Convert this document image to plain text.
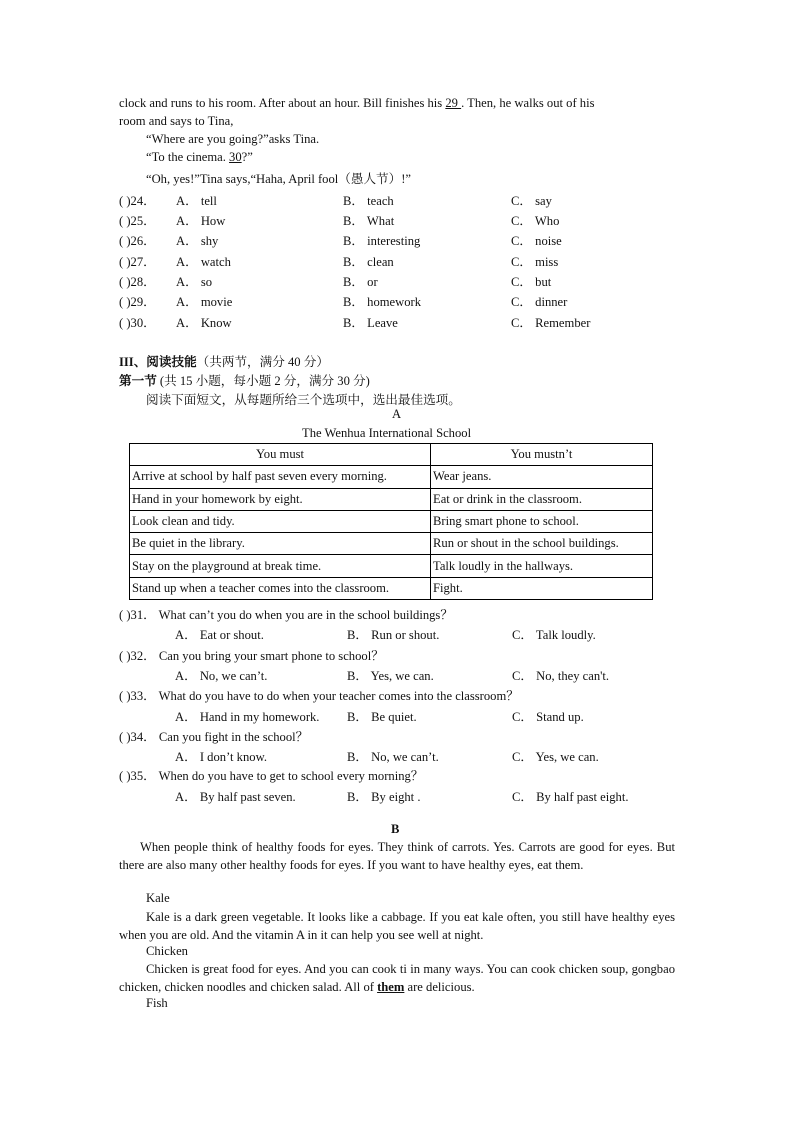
clock and runs to his room. After about an hour. Bill finishes his 29 . Then, he walks out of his
room and says to Tina,
“Where are you going?”asks Tina.
“To the cinema. 30?”
“Oh, yes!”Tina says,“Haha, April fool（愚人节）!”
( )24． A． tell	B． teach	C． say
( )25． A． How	B． What	C． Who
( )26． A． shy	B． interesting	C． noise
( )27． A． watch	B． clean	C． miss
( )28． A． so	B． or	C． but
( )29． A． movie	B． homework	C． dinner
( )30． A． Know	B． Leave	C． Remember
III、阅读技能（共两节，满分 40 分）
第一节 (共 15 小题，每小题 2 分，满分 30 分)
阅读下面短文，从每题所给三个选项中，选出最佳选项。
A
The Wenhua International School
You must	You mustn’t
Arrive at school by half past seven every morning.	Wear jeans.
Hand in your homework by eight.	Eat or drink in the classroom.
Look clean and tidy.	Bring smart phone to school.
Be quiet in the library.	Run or shout in the school buildings.
Stay on the playground at break time.	Talk loudly in the hallways.
Stand up when a teacher comes into the classroom.	Fight.
( )31． What can’t you do when you are in the school buildings？
A． Eat or shout.	B． Run or shout.	C． Talk loudly.
( )32． Can you bring your smart phone to school？
A． No, we can’t.	B． Yes, we can.	C． No, they can't.
( )33． What do you have to do when your teacher comes into the classroom？
A． Hand in my homework. B． Be quiet.	C． Stand up.
( )34． Can you fight in the school？
A． I don’t know.	B． No, we can’t.	C． Yes, we can.
( )35． When do you have to get to school every morning？
A． By half past seven.	B． By eight .	C． By half past eight.
B
When people think of healthy foods for eyes. They think of carrots. Yes. Carrots are good for eyes. But there are also many other healthy foods for eyes. If you want to have healthy eyes, eat them.
Kale
Kale is a dark green vegetable. It looks like a cabbage. If you eat kale often, you still have healthy eyes when you are old. And the vitamin A in it can help you see well at night.
Chicken
Chicken is great food for eyes. And you can cook ti in many ways. You can cook chicken soup, gongbao chicken, chicken noodles and chicken salad. All of them are delicious.
Fish
